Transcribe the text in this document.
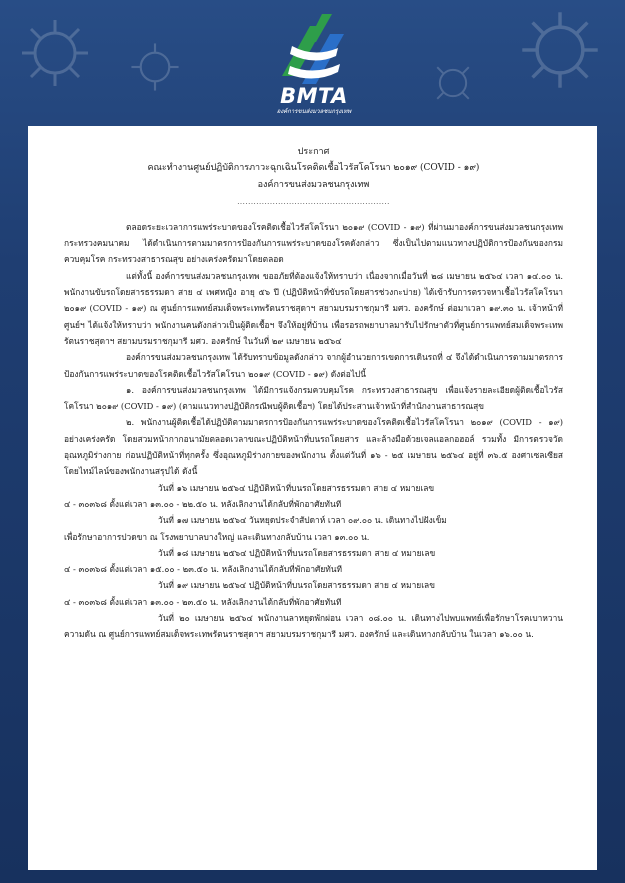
BMTA
องค์การขนส่งมวลชนกรุงเทพ
ประกาศ
คณะทำงานศูนย์ปฏิบัติการภาวะฉุกเฉินโรคติดเชื้อไวรัสโคโรนา ๒๐๑๙ (COVID - ๑๙)
องค์การขนส่งมวลชนกรุงเทพ
........................................................

ตลอดระยะเวลาการแพร่ระบาดของโรคติดเชื้อไวรัสโคโรนา ๒๐๑๙ (COVID - ๑๙) ที่ผ่านมาองค์การขนส่งมวลชนกรุงเทพ กระทรวงคมนาคม ได้ดำเนินการตามมาตรการป้องกันการแพร่ระบาดของโรคดังกล่าว ซึ่งเป็นไปตามแนวทางปฏิบัติการป้องกันของกรมควบคุมโรค กระทรวงสาธารณสุข อย่างเคร่งครัดมาโดยตลอด

แต่ทั้งนี้ องค์การขนส่งมวลชนกรุงเทพ ขออภัยที่ต้องแจ้งให้ทราบว่า เนื่องจากเมื่อวันที่ ๒๘ เมษายน ๒๕๖๔ เวลา ๑๔.๐๐ น. พนักงานขับรถโดยสารธรรมดา สาย ๔ เพศหญิง อายุ ๕๖ ปี (ปฏิบัติหน้าที่ขับรถโดยสารช่วงกะบ่าย) ได้เข้ารับการตรวจหาเชื้อไวรัสโคโรนา ๒๐๑๙ (COVID - ๑๙) ณ ศูนย์การแพทย์สมเด็จพระเทพรัตนราชสุดาฯ สยามบรมราชกุมารี มศว. องครักษ์ ต่อมาเวลา ๑๙.๓๐ น. เจ้าหน้าที่ศูนย์ฯ ได้แจ้งให้ทราบว่า พนักงานคนดังกล่าวเป็นผู้ติดเชื้อฯ จึงให้อยู่ที่บ้าน เพื่อรอรถพยาบาลมารับไปรักษาตัวที่ศูนย์การแพทย์สมเด็จพระเทพรัตนราชสุดาฯ สยามบรมราชกุมารี มศว. องครักษ์ ในวันที่ ๒๙ เมษายน ๒๕๖๔

องค์การขนส่งมวลชนกรุงเทพ ได้รับทราบข้อมูลดังกล่าว จากผู้อำนวยการเขตการเดินรถที่ ๔ จึงได้ดำเนินการตามมาตรการป้องกันการแพร่ระบาดของโรคติดเชื้อไวรัสโคโรนา ๒๐๑๙ (COVID - ๑๙) ดังต่อไปนี้

๑. องค์การขนส่งมวลชนกรุงเทพ ได้มีการแจ้งกรมควบคุมโรค กระทรวงสาธารณสุข เพื่อแจ้งรายละเอียดผู้ติดเชื้อไวรัสโคโรนา ๒๐๑๙ (COVID - ๑๙) (ตามแนวทางปฏิบัติกรณีพบผู้ติดเชื้อฯ) โดยได้ประสานเจ้าหน้าที่สำนักงานสาธารณสุข

๒. พนักงานผู้ติดเชื้อได้ปฏิบัติตามมาตรการป้องกันการแพร่ระบาดของโรคติดเชื้อไวรัสโคโรนา ๒๐๑๙ (COVID - ๑๙) อย่างเคร่งครัด โดยสวมหน้ากากอนามัยตลอดเวลาขณะปฏิบัติหน้าที่บนรถโดยสาร และล้างมือด้วยเจลแอลกอฮอล์ รวมทั้ง มีการตรวจวัดอุณหภูมิร่างกาย ก่อนปฏิบัติหน้าที่ทุกครั้ง ซึ่งอุณหภูมิร่างกายของพนักงาน ตั้งแต่วันที่ ๑๖ - ๒๕ เมษายน ๒๕๖๔ อยู่ที่ ๓๖.๕ องศาเซลเซียส โดยไทม์ไลน์ของพนักงานสรุปได้ ดังนี้

วันที่ ๑๖ เมษายน ๒๕๖๔ ปฏิบัติหน้าที่บนรถโดยสารธรรมดา สาย ๔ หมายเลข

๔ - ๓๐๓๖๘ ตั้งแต่เวลา ๑๓.๐๐ - ๒๒.๕๐ น. หลังเลิกงานได้กลับที่พักอาศัยทันที

วันที่ ๑๗ เมษายน ๒๕๖๔ วันหยุดประจำสัปดาห์ เวลา ๐๙.๐๐ น. เดินทางไปฝังเข็ม

เพื่อรักษาอาการปวดขา ณ โรงพยาบาลบางใหญ่ และเดินทางกลับบ้าน เวลา ๑๓.๐๐ น.

วันที่ ๑๘ เมษายน ๒๕๖๔ ปฏิบัติหน้าที่บนรถโดยสารธรรมดา สาย ๔ หมายเลข

๔ - ๓๐๓๖๘ ตั้งแต่เวลา ๑๕.๐๐ - ๒๓.๕๐ น. หลังเลิกงานได้กลับที่พักอาศัยทันที

วันที่ ๑๙ เมษายน ๒๕๖๔ ปฏิบัติหน้าที่บนรถโดยสารธรรมดา สาย ๔ หมายเลข

๔ - ๓๐๓๖๘ ตั้งแต่เวลา ๑๓.๐๐ - ๒๓.๕๐ น. หลังเลิกงานได้กลับที่พักอาศัยทันที

วันที่ ๒๐ เมษายน ๒๕๖๔ พนักงานลาหยุดพักผ่อน เวลา ๐๘.๐๐ น. เดินทางไปพบแพทย์เพื่อรักษาโรคเบาหวาน ความดัน ณ ศูนย์การแพทย์สมเด็จพระเทพรัตนราชสุดาฯ สยามบรมราชกุมารี มศว. องครักษ์ และเดินทางกลับบ้าน ในเวลา ๑๖.๐๐ น.
